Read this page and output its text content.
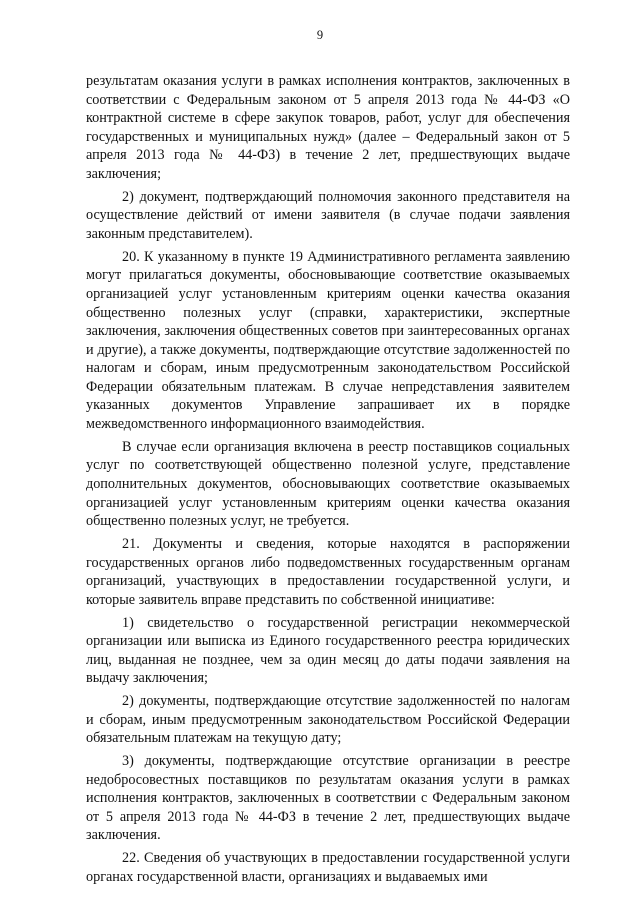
9

результатам оказания услуги в рамках исполнения контрактов, заключенных в соответствии с Федеральным законом от 5 апреля 2013 года № 44-ФЗ «О контрактной системе в сфере закупок товаров, работ, услуг для обеспечения государственных и муниципальных нужд» (далее – Федеральный закон от 5 апреля 2013 года № 44-ФЗ) в течение 2 лет, предшествующих выдаче заключения;

2) документ, подтверждающий полномочия законного представителя на осуществление действий от имени заявителя (в случае подачи заявления законным представителем).

20. К указанному в пункте 19 Административного регламента заявлению могут прилагаться документы, обосновывающие соответствие оказываемых организацией услуг установленным критериям оценки качества оказания общественно полезных услуг (справки, характеристики, экспертные заключения, заключения общественных советов при заинтересованных органах и другие), а также документы, подтверждающие отсутствие задолженностей по налогам и сборам, иным предусмотренным законодательством Российской Федерации обязательным платежам. В случае непредставления заявителем указанных документов Управление запрашивает их в порядке межведомственного информационного взаимодействия.

В случае если организация включена в реестр поставщиков социальных услуг по соответствующей общественно полезной услуге, представление дополнительных документов, обосновывающих соответствие оказываемых организацией услуг установленным критериям оценки качества оказания общественно полезных услуг, не требуется.

21. Документы и сведения, которые находятся в распоряжении государственных органов либо подведомственных государственным органам организаций, участвующих в предоставлении государственной услуги, и которые заявитель вправе представить по собственной инициативе:

1) свидетельство о государственной регистрации некоммерческой организации или выписка из Единого государственного реестра юридических лиц, выданная не позднее, чем за один месяц до даты подачи заявления на выдачу заключения;

2) документы, подтверждающие отсутствие задолженностей по налогам и сборам, иным предусмотренным законодательством Российской Федерации обязательным платежам на текущую дату;

3) документы, подтверждающие отсутствие организации в реестре недобросовестных поставщиков по результатам оказания услуги в рамках исполнения контрактов, заключенных в соответствии с Федеральным законом от 5 апреля 2013 года № 44-ФЗ в течение 2 лет, предшествующих выдаче заключения.

22. Сведения об участвующих в предоставлении государственной услуги органах государственной власти, организациях и выдаваемых ими
